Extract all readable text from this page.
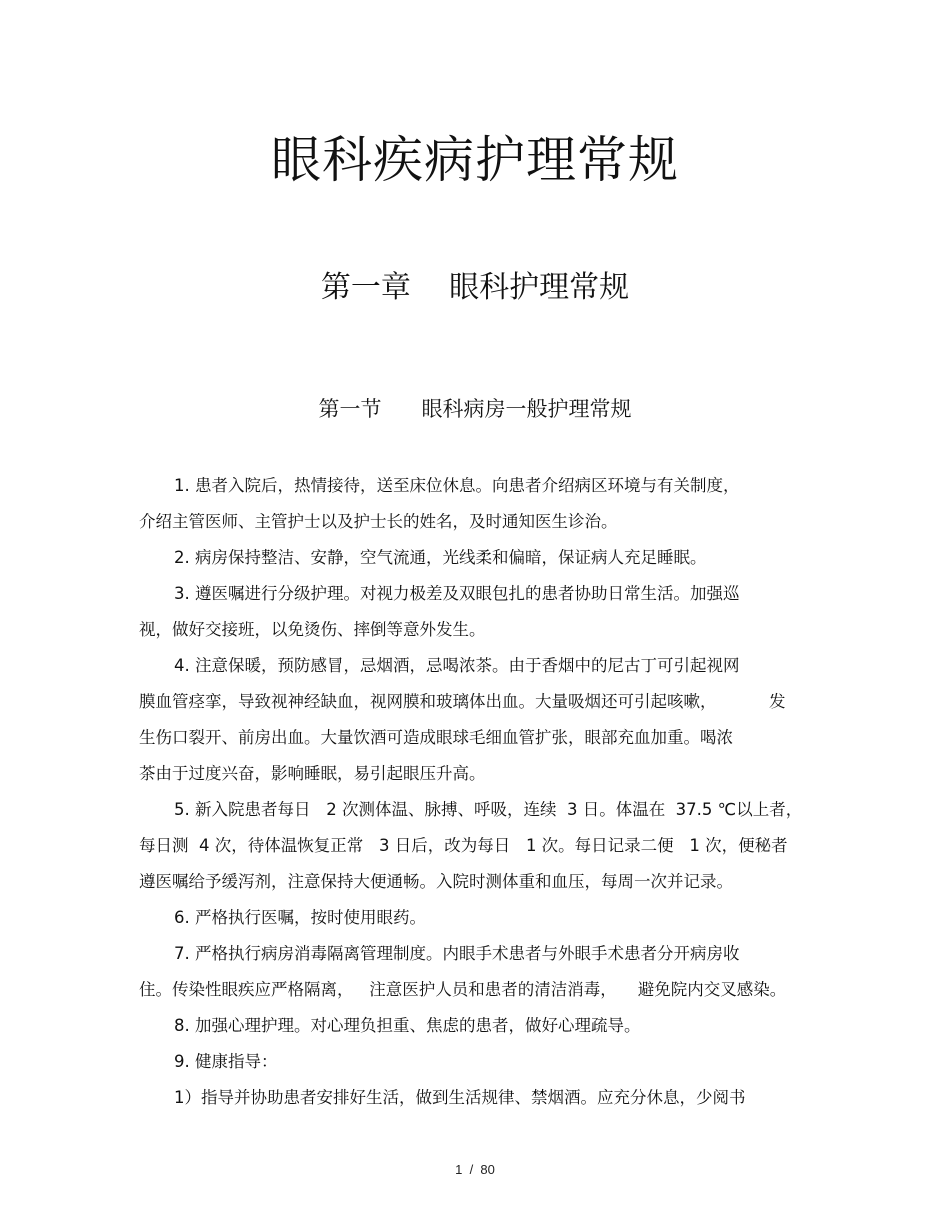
眼科疾病护理常规
第一章    眼科护理常规
第一节      眼科病房一般护理常规
1. 患者入院后，热情接待，送至床位休息。向患者介绍病区环境与有关制度，
介绍主管医师、主管护士以及护士长的姓名，及时通知医生诊治。
2. 病房保持整洁、安静，空气流通，光线柔和偏暗，保证病人充足睡眠。
3. 遵医嘱进行分级护理。对视力极差及双眼包扎的患者协助日常生活。加强巡
视，做好交接班，以免烫伤、摔倒等意外发生。
4. 注意保暖，预防感冒，忌烟酒，忌喝浓茶。由于香烟中的尼古丁可引起视网
膜血管痉挛，导致视神经缺血，视网膜和玻璃体出血。大量吸烟还可引起咳嗽，          发
生伤口裂开、前房出血。大量饮酒可造成眼球毛细血管扩张，眼部充血加重。喝浓
茶由于过度兴奋，影响睡眠，易引起眼压升高。
5. 新入院患者每日   2 次测体温、脉搏、呼吸，连续  3 日。体温在  37.5 ℃以上者，
每日测  4 次，待体温恢复正常   3 日后，改为每日   1 次。每日记录二便   1 次，便秘者
遵医嘱给予缓泻剂，注意保持大便通畅。入院时测体重和血压，每周一次并记录。
6. 严格执行医嘱，按时使用眼药。
7. 严格执行病房消毒隔离管理制度。内眼手术患者与外眼手术患者分开病房收
住。传染性眼疾应严格隔离，   注意医护人员和患者的清洁消毒，    避免院内交叉感染。
8. 加强心理护理。对心理负担重、焦虑的患者，做好心理疏导。
9. 健康指导：
1）指导并协助患者安排好生活，做到生活规律、禁烟酒。应充分休息，少阅书
1  /  80
